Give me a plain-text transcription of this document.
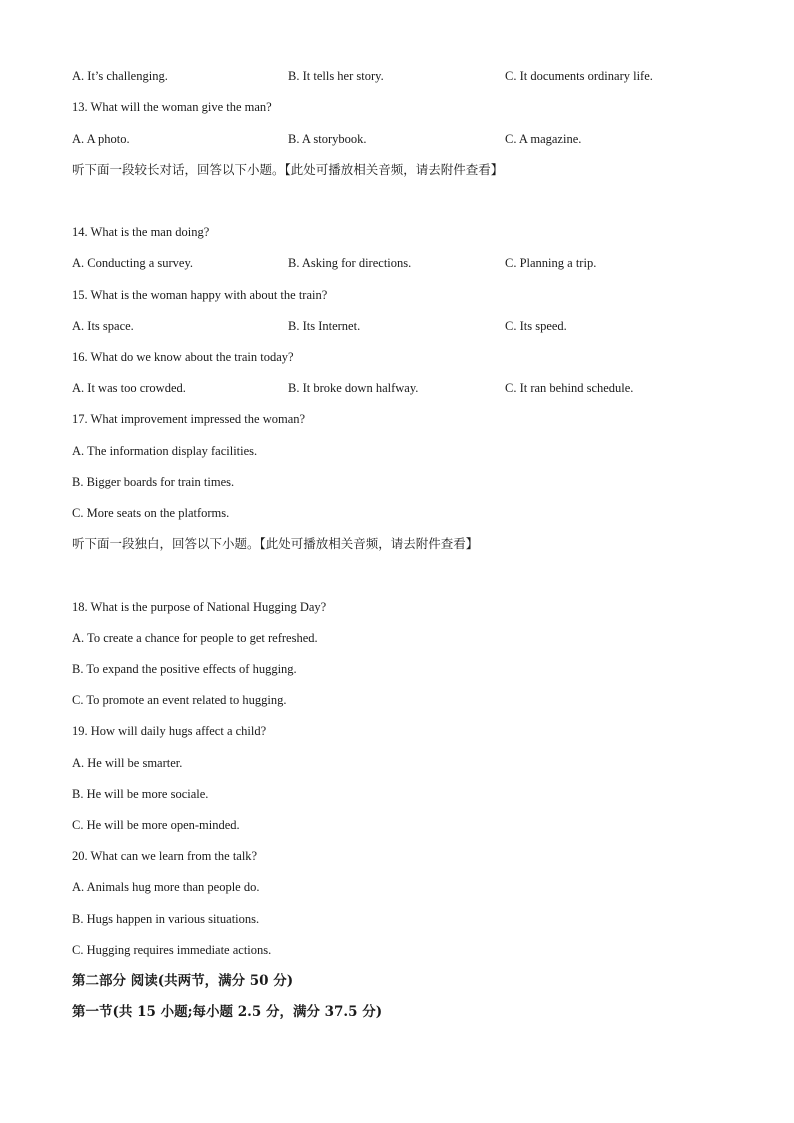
A. It’s challenging.	B. It tells her story.	C. It documents ordinary life.
13. What will the woman give the man?
A. A photo.	B. A storybook.	C. A magazine.
听下面一段较长对话，回答以下小题。【此处可播放相关音频，请去附件查看】
14. What is the man doing?
A. Conducting a survey.	B. Asking for directions.	C. Planning a trip.
15. What is the woman happy with about the train?
A. Its space.	B. Its Internet.	C. Its speed.
16. What do we know about the train today?
A. It was too crowded.	B. It broke down halfway.	C. It ran behind schedule.
17. What improvement impressed the woman?
A. The information display facilities.
B. Bigger boards for train times.
C. More seats on the platforms.
听下面一段独白，回答以下小题。【此处可播放相关音频，请去附件查看】
18. What is the purpose of National Hugging Day?
A. To create a chance for people to get refreshed.
B. To expand the positive effects of hugging.
C. To promote an event related to hugging.
19. How will daily hugs affect a child?
A. He will be smarter.
B. He will be more sociale.
C. He will be more open-minded.
20. What can we learn from the talk?
A. Animals hug more than people do.
B. Hugs happen in various situations.
C. Hugging requires immediate actions.
第二部分 阅读(共两节，满分 50 分)
第一节(共 15 小题;每小题 2.5 分，满分 37.5 分)
